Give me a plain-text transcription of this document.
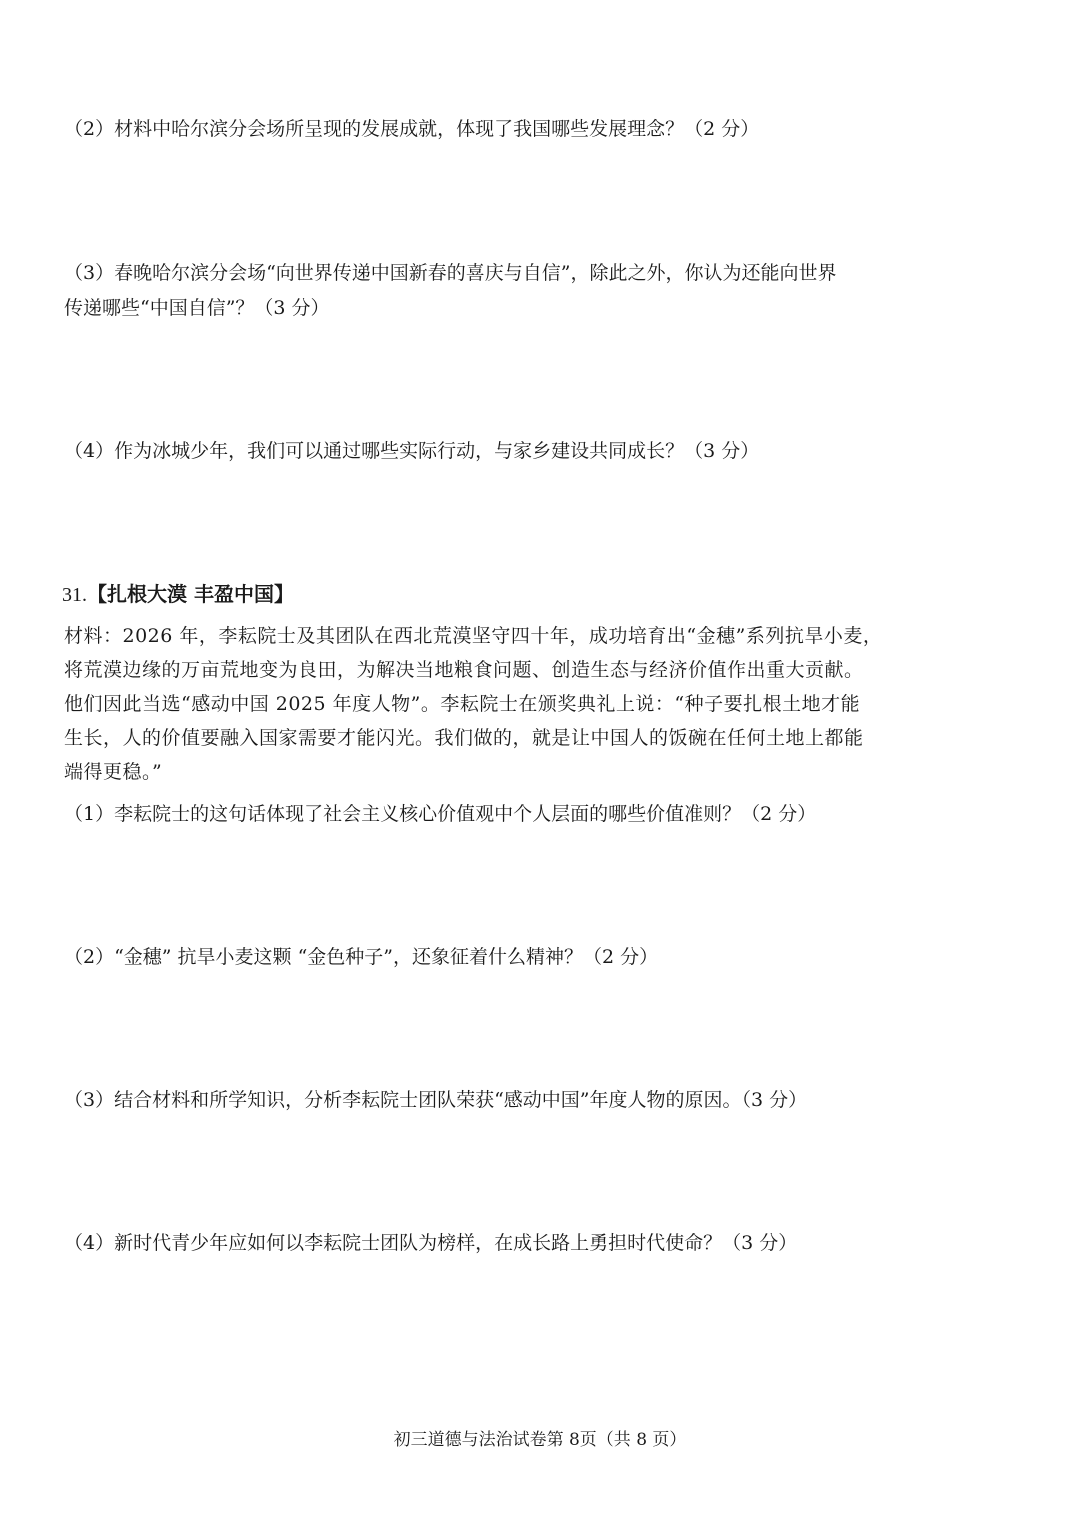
（2）材料中哈尔滨分会场所呈现的发展成就，体现了我国哪些发展理念？（2 分）
（3）春晚哈尔滨分会场“向世界传递中国新春的喜庆与自信”，除此之外，你认为还能向世界
传递哪些“中国自信”？（3 分）
（4）作为冰城少年，我们可以通过哪些实际行动，与家乡建设共同成长？（3 分）
31.【扎根大漠 丰盈中国】
材料：2026 年，李耘院士及其团队在西北荒漠坚守四十年，成功培育出“金穗”系列抗旱小麦，
将荒漠边缘的万亩荒地变为良田，为解决当地粮食问题、创造生态与经济价值作出重大贡献。
他们因此当选“感动中国 2025 年度人物”。李耘院士在颁奖典礼上说：“种子要扎根土地才能
生长，人的价值要融入国家需要才能闪光。我们做的，就是让中国人的饭碗在任何土地上都能
端得更稳。”
（1）李耘院士的这句话体现了社会主义核心价值观中个人层面的哪些价值准则？（2 分）
（2）“金穗” 抗旱小麦这颗 “金色种子”，还象征着什么精神？（2 分）
（3）结合材料和所学知识，分析李耘院士团队荣获“感动中国”年度人物的原因。（3 分）
（4）新时代青少年应如何以李耘院士团队为榜样，在成长路上勇担时代使命？（3 分）
初三道德与法治试卷第 8页（共 8 页）
